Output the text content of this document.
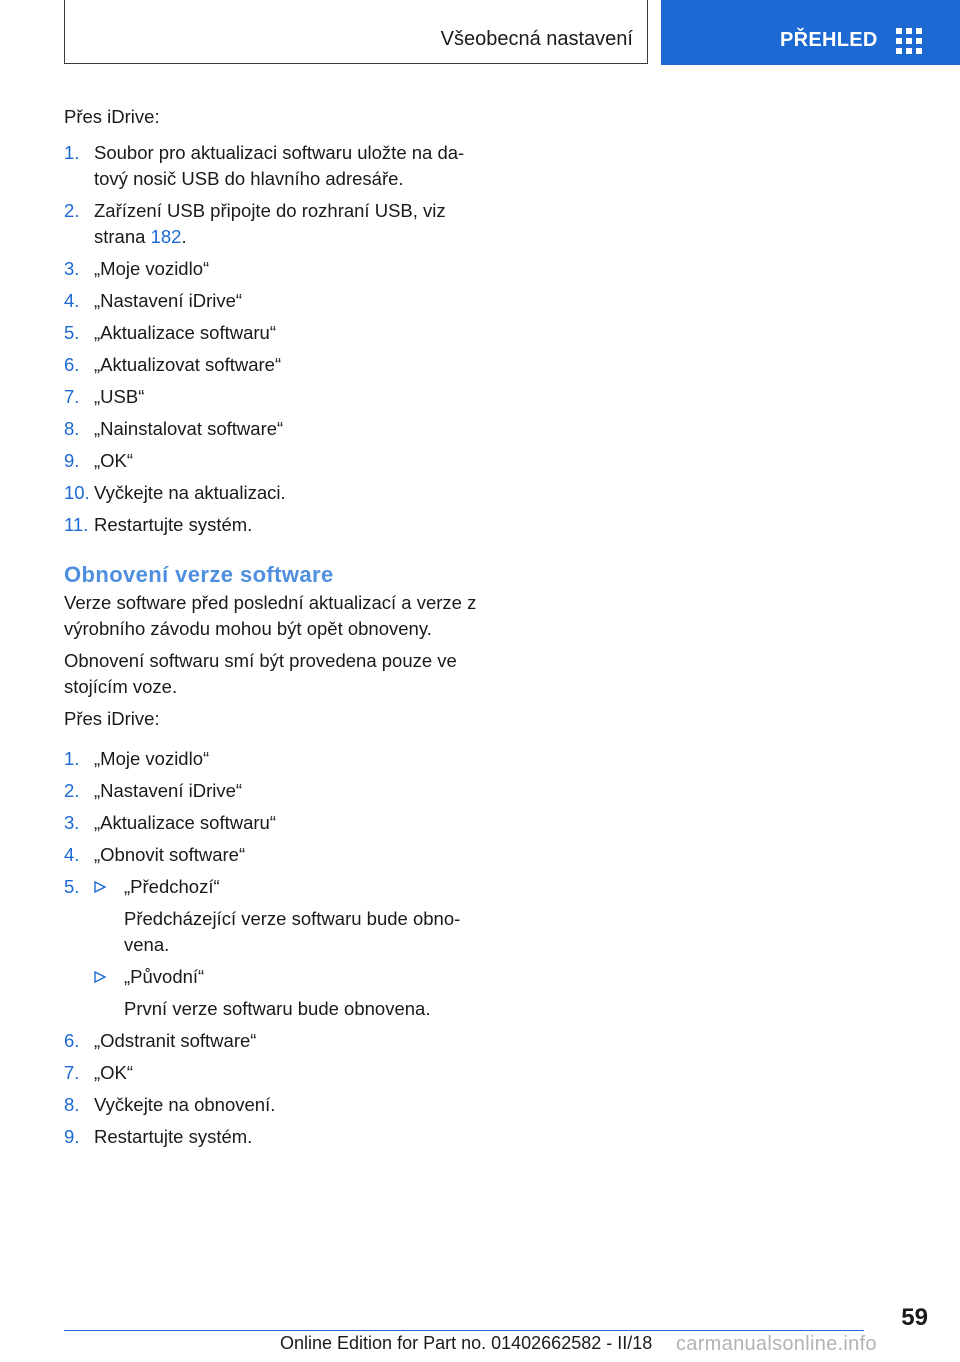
Všeobecná nastavení	PŘEHLED

Přes iDrive:

1. Soubor pro aktualizaci softwaru uložte na da-tový nosič USB do hlavního adresáře.
2. Zařízení USB připojte do rozhraní USB, viz strana 182.
3. „Moje vozidlo“
4. „Nastavení iDrive“
5. „Aktualizace softwaru“
6. „Aktualizovat software“
7. „USB“
8. „Nainstalovat software“
9. „OK“
10. Vyčkejte na aktualizaci.
11. Restartujte systém.
Obnovení verze software

Verze software před poslední aktualizací a verze z výrobního závodu mohou být opět obnoveny.

Obnovení softwaru smí být provedena pouze ve stojícím voze.

Přes iDrive:

1. „Moje vozidlo“
2. „Nastavení iDrive“
3. „Aktualizace softwaru“
4. „Obnovit software“
5. „Předchozí“
Předcházející verze softwaru bude obno-vena.
„Původní“
První verze softwaru bude obnovena.
6. „Odstranit software“
7. „OK“
8. Vyčkejte na obnovení.
9. Restartujte systém.
59
Online Edition for Part no. 01402662582 - II/18 carmanualsonline.info
